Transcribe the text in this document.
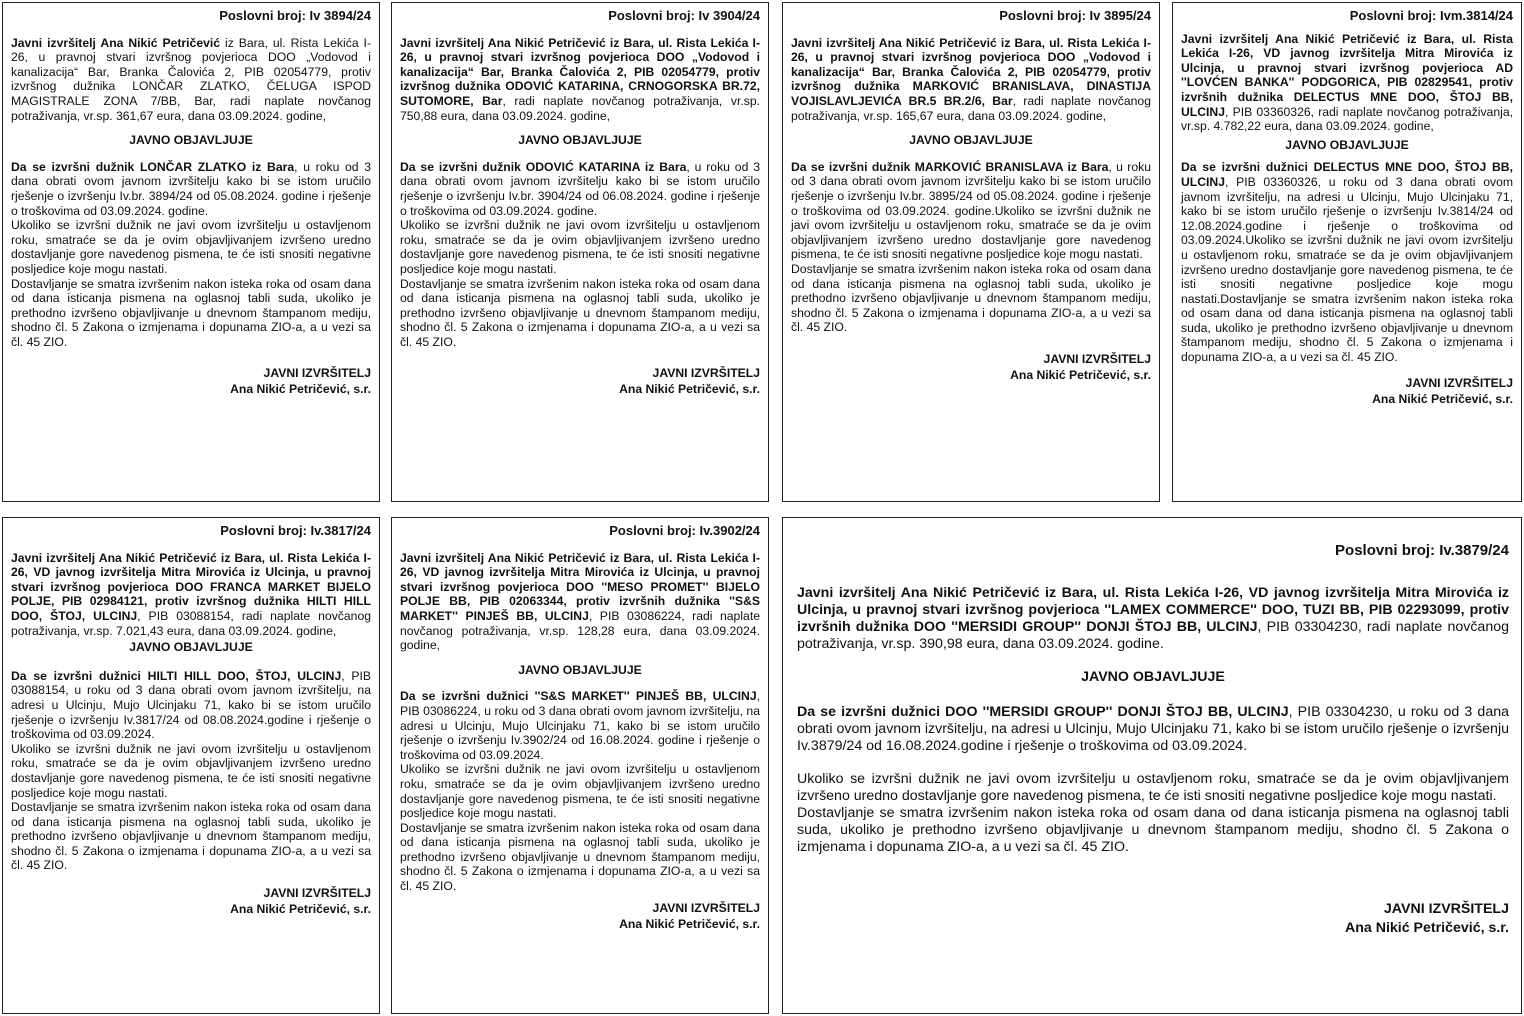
Poslovni broj: Iv 3894/24
Javni izvršitelj Ana Nikić Petričević iz Bara, ul. Rista Lekića I-26, u pravnoj stvari izvršnog povjerioca DOO „Vodovod i kanalizacija“ Bar, Branka Čalovića 2, PIB 02054779, protiv izvršnog dužnika LONČAR ZLATKO, ČELUGA ISPOD MAGISTRALE ZONA 7/BB, Bar, radi naplate novčanog potraživanja, vr.sp. 361,67 eura, dana 03.09.2024. godine,
JAVNO OBJAVLJUJE

Da se izvršni dužnik LONČAR ZLATKO iz Bara, u roku od 3 dana obrati ovom javnom izvršitelju kako bi se istom uručilo rješenje o izvršenju Iv.br. 3894/24 od 05.08.2024. godine i rješenje o troškovima od 03.09.2024. godine.

Ukoliko se izvršni dužnik ne javi ovom izvršitelju u ostavljenom roku, smatraće se da je ovim objavljivanjem izvršeno uredno dostavljanje gore navedenog pismena, te će isti snositi negativne posljedice koje mogu nastati.

Dostavljanje se smatra izvršenim nakon isteka roka od osam dana od dana isticanja pismena na oglasnoj tabli suda, ukoliko je prethodno izvršeno objavljivanje u dnevnom štampanom mediju, shodno čl. 5 Zakona o izmjenama i dopunama ZIO-a, a u vezi sa čl. 45 ZIO.

JAVNI IZVRŠITELJ
Ana Nikić Petričević, s.r.
Poslovni broj: Iv 3904/24
Javni izvršitelj Ana Nikić Petričević iz Bara, ul. Rista Lekića I-26, u pravnoj stvari izvršnog povjerioca DOO „Vodovod i kanalizacija“ Bar, Branka Čalovića 2, PIB 02054779, protiv izvršnog dužnika ODOVIĆ KATARINA, CRNOGORSKA BR.72, SUTOMORE, Bar, radi naplate novčanog potraživanja, vr.sp. 750,88 eura, dana 03.09.2024. godine,
JAVNO OBJAVLJUJE

Da se izvršni dužnik ODOVIĆ KATARINA iz Bara, u roku od 3 dana obrati ovom javnom izvršitelju kako bi se istom uručilo rješenje o izvršenju Iv.br. 3904/24 od 06.08.2024. godine i rješenje o troškovima od 03.09.2024. godine.

Ukoliko se izvršni dužnik ne javi ovom izvršitelju u ostavljenom roku, smatraće se da je ovim objavljivanjem izvršeno uredno dostavljanje gore navedenog pismena, te će isti snositi negativne posljedice koje mogu nastati.

Dostavljanje se smatra izvršenim nakon isteka roka od osam dana od dana isticanja pismena na oglasnoj tabli suda, ukoliko je prethodno izvršeno objavljivanje u dnevnom štampanom mediju, shodno čl. 5 Zakona o izmjenama i dopunama ZIO-a, a u vezi sa čl. 45 ZIO.

JAVNI IZVRŠITELJ
Ana Nikić Petričević, s.r.
Poslovni broj: Iv 3895/24
Javni izvršitelj Ana Nikić Petričević iz Bara, ul. Rista Lekića I-26, u pravnoj stvari izvršnog povjerioca DOO „Vodovod i kanalizacija“ Bar, Branka Čalovića 2, PIB 02054779, protiv izvršnog dužnika MARKOVIĆ BRANISLAVA, DINASTIJA VOJISLAVLJEVIĆA BR.5 BR.2/6, Bar, radi naplate novčanog potraživanja, vr.sp. 165,67 eura, dana 03.09.2024. godine,
JAVNO OBJAVLJUJE

Da se izvršni dužnik MARKOVIĆ BRANISLAVA iz Bara, u roku od 3 dana obrati ovom javnom izvršitelju kako bi se istom uručilo rješenje o izvršenju Iv.br. 3895/24 od 05.08.2024. godine i rješenje o troškovima od 03.09.2024. godine.Ukoliko se izvršni dužnik ne javi ovom izvršitelju u ostavljenom roku, smatraće se da je ovim objavljivanjem izvršeno uredno dostavljanje gore navedenog pismena, te će isti snositi negativne posljedice koje mogu nastati.

Dostavljanje se smatra izvršenim nakon isteka roka od osam dana od dana isticanja pismena na oglasnoj tabli suda, ukoliko je prethodno izvršeno objavljivanje u dnevnom štampanom mediju, shodno čl. 5 Zakona o izmjenama i dopunama ZIO-a, a u vezi sa čl. 45 ZIO.

JAVNI IZVRŠITELJ
Ana Nikić Petričević, s.r.
Poslovni broj: Ivm.3814/24
Javni izvršitelj Ana Nikić Petričević iz Bara, ul. Rista Lekića I-26, VD javnog izvršitelja Mitra Mirovića iz Ulcinja, u pravnoj stvari izvršnog povjerioca AD ''LOVĆEN BANKA'' PODGORICA, PIB 02829541, protiv izvršnih dužnika DELECTUS MNE DOO, ŠTOJ BB, ULCINJ, PIB 03360326, radi naplate novčanog potraživanja, vr.sp. 4.782,22 eura, dana 03.09.2024. godine,
JAVNO OBJAVLJUJE

Da se izvršni dužnici DELECTUS MNE DOO, ŠTOJ BB, ULCINJ, PIB 03360326, u roku od 3 dana obrati ovom javnom izvršitelju, na adresi u Ulcinju, Mujo Ulcinjaku 71, kako bi se istom uručilo rješenje o izvršenju Iv.3814/24 od 12.08.2024.godine i rješenje o troškovima od 03.09.2024.Ukoliko se izvršni dužnik ne javi ovom izvršitelju u ostavljenom roku, smatraće se da je ovim objavljivanjem izvršeno uredno dostavljanje gore navedenog pismena, te će isti snositi negativne posljedice koje mogu nastati.Dostavljanje se smatra izvršenim nakon isteka roka od osam dana od dana isticanja pismena na oglasnoj tabli suda, ukoliko je prethodno izvršeno objavljivanje u dnevnom štampanom mediju, shodno čl. 5 Zakona o izmjenama i dopunama ZIO-a, a u vezi sa čl. 45 ZIO.

JAVNI IZVRŠITELJ
Ana Nikić Petričević, s.r.
Poslovni broj: Iv.3817/24
Javni izvršitelj Ana Nikić Petričević iz Bara, ul. Rista Lekića I-26, VD javnog izvršitelja Mitra Mirovića iz Ulcinja, u pravnoj stvari izvršnog povjerioca DOO FRANCA MARKET BIJELO POLJE, PIB 02984121, protiv izvršnog dužnika HILTI HILL DOO, ŠTOJ, ULCINJ, PIB 03088154, radi naplate novčanog potraživanja, vr.sp. 7.021,43 eura, dana 03.09.2024. godine,
JAVNO OBJAVLJUJE

Da se izvršni dužnici HILTI HILL DOO, ŠTOJ, ULCINJ, PIB 03088154, u roku od 3 dana obrati ovom javnom izvršitelju, na adresi u Ulcinju, Mujo Ulcinjaku 71, kako bi se istom uručilo rješenje o izvršenju Iv.3817/24 od 08.08.2024.godine i rješenje o troškovima od 03.09.2024.

Ukoliko se izvršni dužnik ne javi ovom izvršitelju u ostavljenom roku, smatraće se da je ovim objavljivanjem izvršeno uredno dostavljanje gore navedenog pismena, te će isti snositi negativne posljedice koje mogu nastati.

Dostavljanje se smatra izvršenim nakon isteka roka od osam dana od dana isticanja pismena na oglasnoj tabli suda, ukoliko je prethodno izvršeno objavljivanje u dnevnom štampanom mediju, shodno čl. 5 Zakona o izmjenama i dopunama ZIO-a, a u vezi sa čl. 45 ZIO.

JAVNI IZVRŠITELJ
Ana Nikić Petričević, s.r.
Poslovni broj: Iv.3902/24
Javni izvršitelj Ana Nikić Petričević iz Bara, ul. Rista Lekića I-26, VD javnog izvršitelja Mitra Mirovića iz Ulcinja, u pravnoj stvari izvršnog povjerioca DOO ''MESO PROMET'' BIJELO POLJE BB, PIB 02063344, protiv izvršnih dužnika ''S&S MARKET'' PINJEŠ BB, ULCINJ, PIB 03086224, radi naplate novčanog potraživanja, vr.sp. 128,28 eura, dana 03.09.2024. godine,
JAVNO OBJAVLJUJE

Da se izvršni dužnici ''S&S MARKET'' PINJEŠ BB, ULCINJ, PIB 03086224, u roku od 3 dana obrati ovom javnom izvršitelju, na adresi u Ulcinju, Mujo Ulcinjaku 71, kako bi se istom uručilo rješenje o izvršenju Iv.3902/24 od 16.08.2024. godine i rješenje o troškovima od 03.09.2024.

Ukoliko se izvršni dužnik ne javi ovom izvršitelju u ostavljenom roku, smatraće se da je ovim objavljivanjem izvršeno uredno dostavljanje gore navedenog pismena, te će isti snositi negativne posljedice koje mogu nastati.

Dostavljanje se smatra izvršenim nakon isteka roka od osam dana od dana isticanja pismena na oglasnoj tabli suda, ukoliko je prethodno izvršeno objavljivanje u dnevnom štampanom mediju, shodno čl. 5 Zakona o izmjenama i dopunama ZIO-a, a u vezi sa čl. 45 ZIO.

JAVNI IZVRŠITELJ
Ana Nikić Petričević, s.r.
Poslovni broj: Iv.3879/24
Javni izvršitelj Ana Nikić Petričević iz Bara, ul. Rista Lekića I-26, VD javnog izvršitelja Mitra Mirovića iz Ulcinja, u pravnoj stvari izvršnog povjerioca ''LAMEX COMMERCE'' DOO, TUZI BB, PIB 02293099, protiv izvršnih dužnika DOO ''MERSIDI GROUP'' DONJI ŠTOJ BB, ULCINJ, PIB 03304230, radi naplate novčanog potraživanja, vr.sp. 390,98 eura, dana 03.09.2024. godine.
JAVNO OBJAVLJUJE

Da se izvršni dužnici DOO ''MERSIDI GROUP'' DONJI ŠTOJ BB, ULCINJ, PIB 03304230, u roku od 3 dana obrati ovom javnom izvršitelju, na adresi u Ulcinju, Mujo Ulcinjaku 71, kako bi se istom uručilo rješenje o izvršenju Iv.3879/24 od 16.08.2024.godine i rješenje o troškovima od 03.09.2024.

Ukoliko se izvršni dužnik ne javi ovom izvršitelju u ostavljenom roku, smatraće se da je ovim objavljivanjem izvršeno uredno dostavljanje gore navedenog pismena, te će isti snositi negativne posljedice koje mogu nastati.

Dostavljanje se smatra izvršenim nakon isteka roka od osam dana od dana isticanja pismena na oglasnoj tabli suda, ukoliko je prethodno izvršeno objavljivanje u dnevnom štampanom mediju, shodno čl. 5 Zakona o izmjenama i dopunama ZIO-a, a u vezi sa čl. 45 ZIO.

JAVNI IZVRŠITELJ
Ana Nikić Petričević, s.r.
